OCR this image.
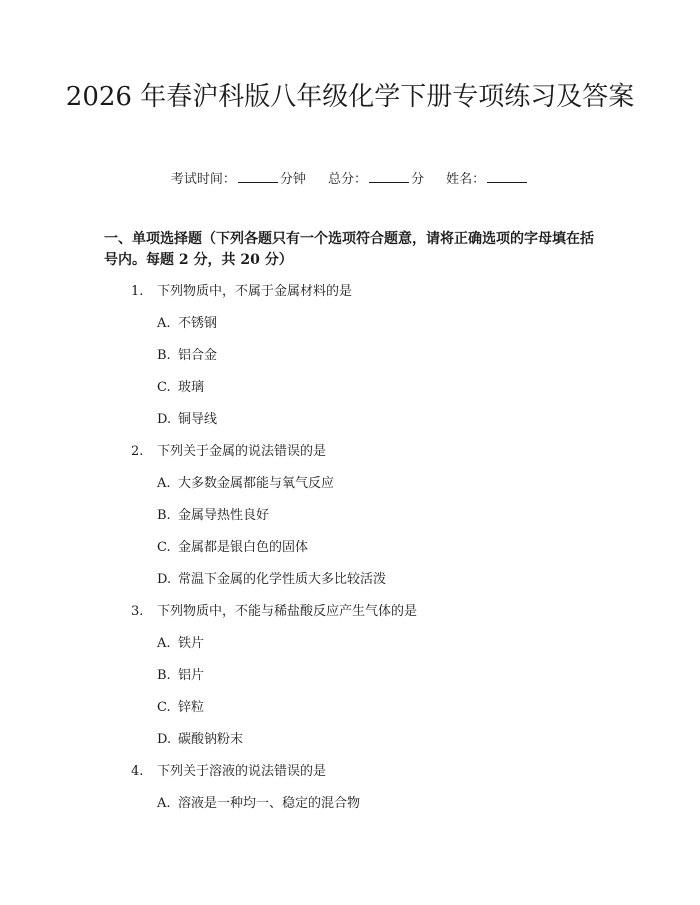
2026 年春沪科版八年级化学下册专项练习及答案
考试时间：	分钟 总分：	分 姓名：
一、单项选择题（下列各题只有一个选项符合题意，请将正确选项的字母填在括号内。每题 2 分，共 20 分）
1. 下列物质中，不属于金属材料的是
A. 不锈钢
B. 铝合金
C. 玻璃
D. 铜导线
2. 下列关于金属的说法错误的是
A. 大多数金属都能与氧气反应
B. 金属导热性良好
C. 金属都是银白色的固体
D. 常温下金属的化学性质大多比较活泼
3. 下列物质中，不能与稀盐酸反应产生气体的是
A. 铁片
B. 铝片
C. 锌粒
D. 碳酸钠粉末
4. 下列关于溶液的说法错误的是
A. 溶液是一种均一、稳定的混合物
